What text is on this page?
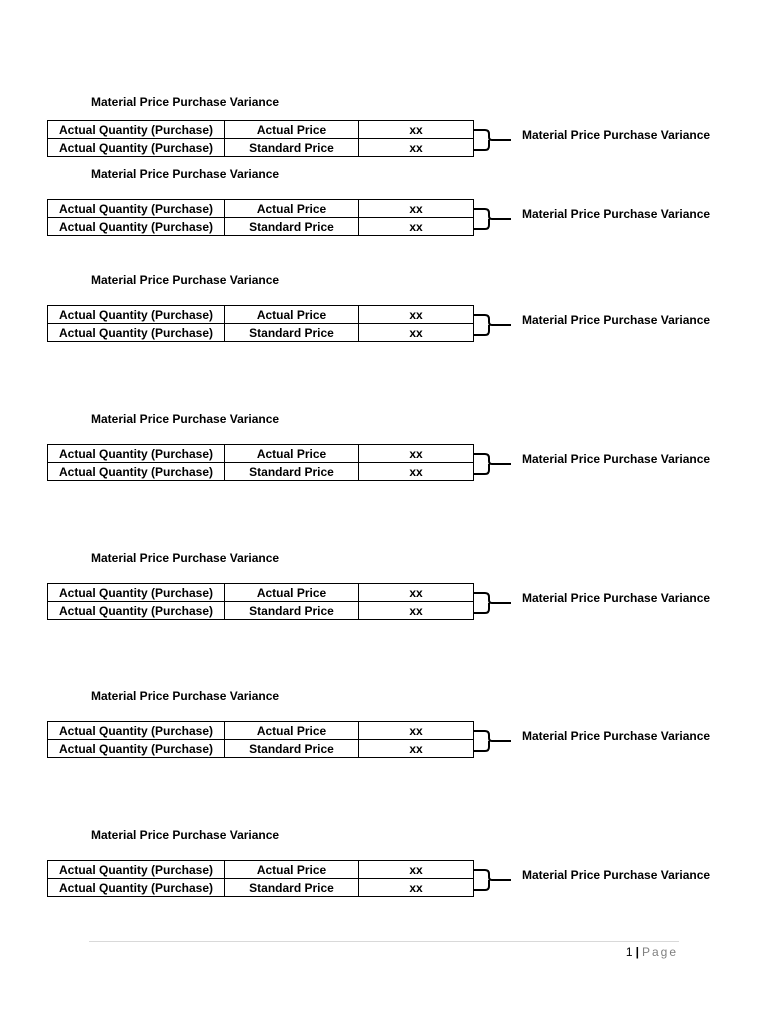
Material Price Purchase Variance
Actual Quantity (Purchase)	Actual Price	xx
Actual Quantity (Purchase)	Standard Price	xx
Material Price Purchase Variance
Material Price Purchase Variance
Actual Quantity (Purchase)	Actual Price	xx
Actual Quantity (Purchase)	Standard Price	xx
Material Price Purchase Variance
Material Price Purchase Variance
Actual Quantity (Purchase)	Actual Price	xx
Actual Quantity (Purchase)	Standard Price	xx
Material Price Purchase Variance
Material Price Purchase Variance
Actual Quantity (Purchase)	Actual Price	xx
Actual Quantity (Purchase)	Standard Price	xx
Material Price Purchase Variance
Material Price Purchase Variance
Actual Quantity (Purchase)	Actual Price	xx
Actual Quantity (Purchase)	Standard Price	xx
Material Price Purchase Variance
Material Price Purchase Variance
Actual Quantity (Purchase)	Actual Price	xx
Actual Quantity (Purchase)	Standard Price	xx
Material Price Purchase Variance
Material Price Purchase Variance
Actual Quantity (Purchase)	Actual Price	xx
Actual Quantity (Purchase)	Standard Price	xx
Material Price Purchase Variance
1 | Page
